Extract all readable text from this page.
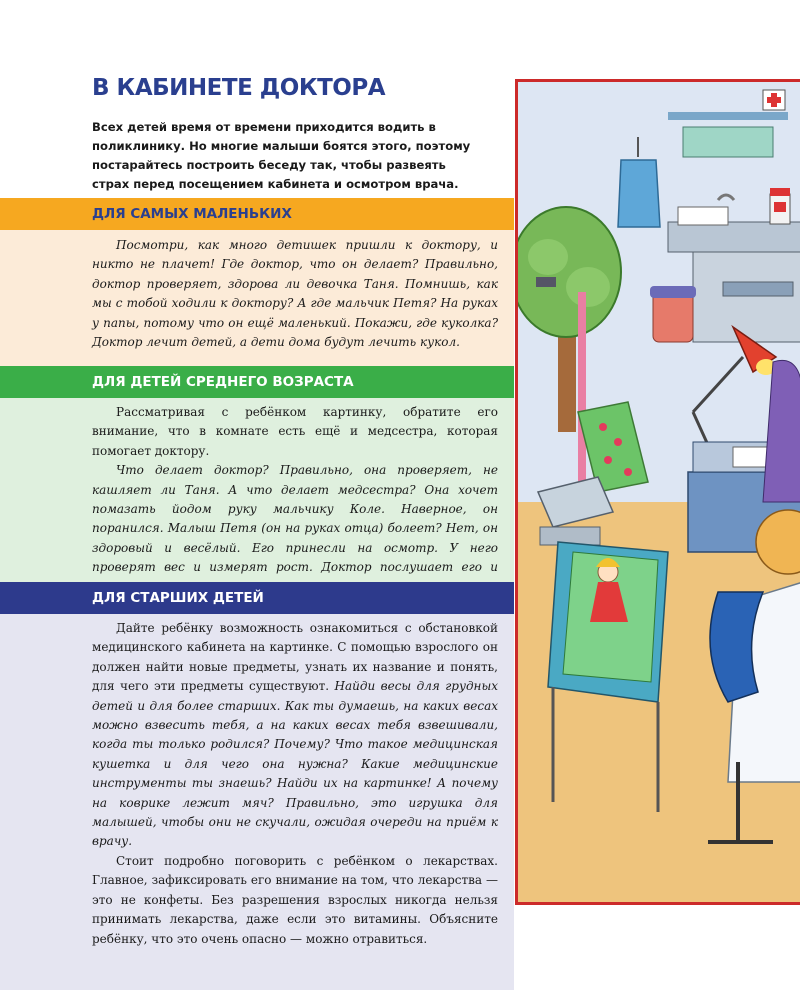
В КАБИНЕТЕ ДОКТОРА
Всех детей время от времени приходится водить в поликлинику. Но многие малыши боятся этого, поэтому постарайтесь построить беседу так, чтобы развеять страх перед посещением кабинета и осмотром врача.
ДЛЯ САМЫХ МАЛЕНЬКИХ

Посмотри, как много детишек пришли к доктору, и никто не плачет! Где доктор, что он делает? Правильно, доктор проверяет, здорова ли девочка Таня. Помнишь, как мы с тобой ходили к доктору? А где мальчик Петя? На руках у папы, потому что он ещё маленький. Покажи, где куколка? Доктор лечит детей, а дети дома будут лечить кукол.

ДЛЯ ДЕТЕЙ СРЕДНЕГО ВОЗРАСТА

Рассматривая с ребёнком картинку, обратите его внимание, что в комнате есть ещё и медсестра, которая помогает доктору.

Что делает доктор? Правильно, она проверяет, не кашляет ли Таня. А что делает медсестра? Она хочет помазать йодом руку мальчику Коле. Наверное, он поранился. Малыш Петя (он на руках отца) болеет? Нет, он здоровый и весёлый. Его принесли на осмотр. У него проверят вес и измерят рост. Доктор послушает его и

ДЛЯ СТАРШИХ ДЕТЕЙ

Дайте ребёнку возможность ознакомиться с обстановкой медицинского кабинета на картинке. С помощью взрослого он должен найти новые предметы, узнать их название и понять, для чего эти предметы существуют. Найди весы для грудных детей и для более старших. Как ты думаешь, на каких весах можно взвесить тебя, а на каких весах тебя взвешивали, когда ты только родился? Почему? Что такое медицинская кушетка и для чего она нужна? Какие медицинские инструменты ты знаешь? Найди их на картинке! А почему на коврике лежит мяч? Правильно, это игрушка для малышей, чтобы они не скучали, ожидая очереди на приём к врачу.

Стоит подробно поговорить с ребёнком о лекарствах. Главное, зафиксировать его внимание на том, что лекарства — это не конфеты. Без разрешения взрослых никогда нельзя принимать лекарства, даже если это витамины. Объясните ребёнку, что это очень опасно — можно отравиться.
